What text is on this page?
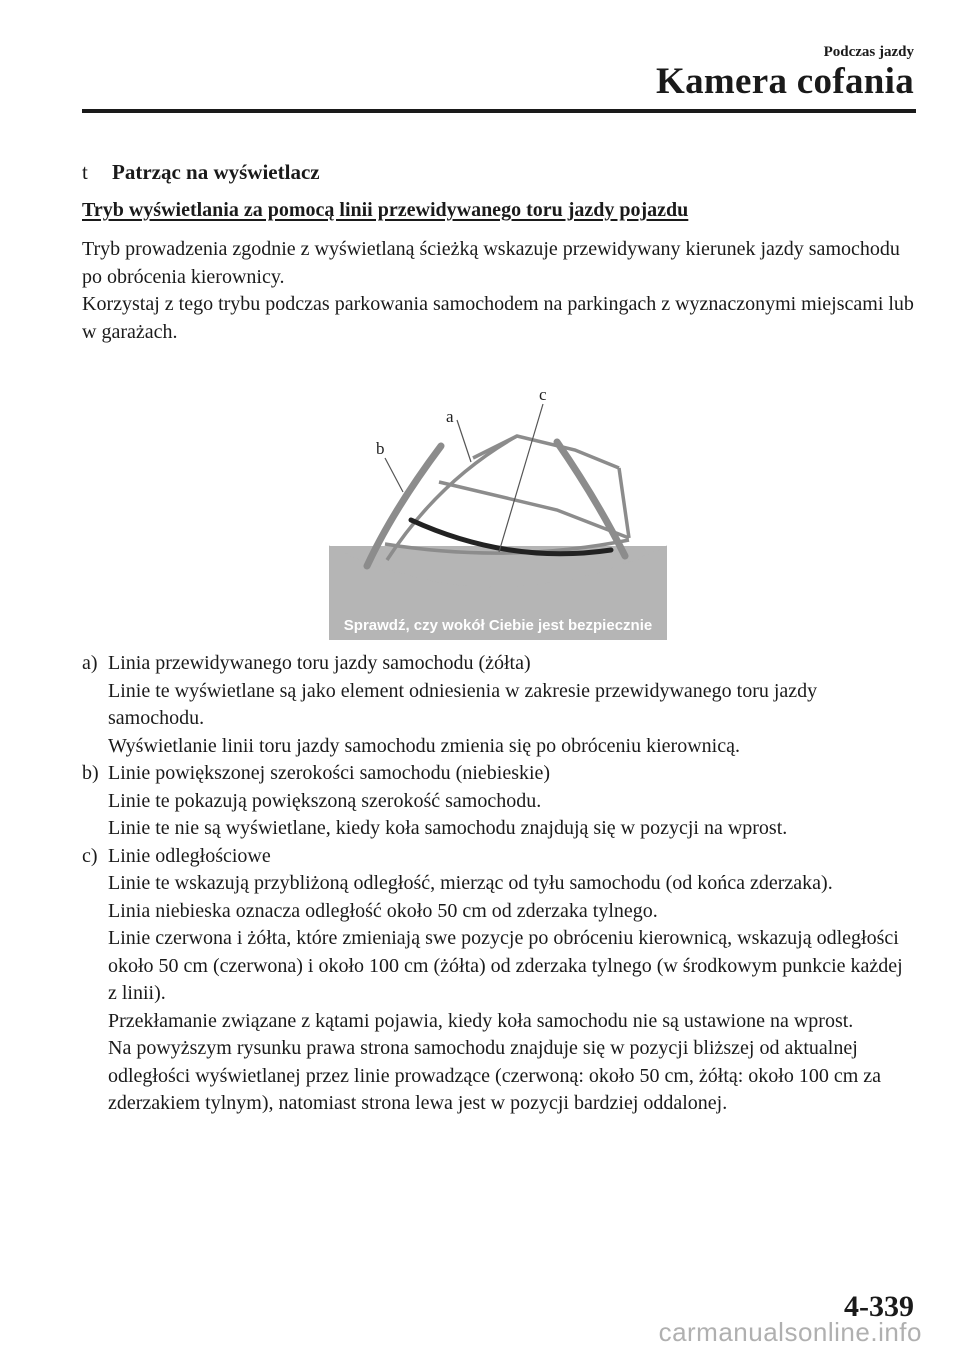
Podczas jazdy
Kamera cofania
t	Patrząc na wyświetlacz
Tryb wyświetlania za pomocą linii przewidywanego toru jazdy pojazdu

Tryb prowadzenia zgodnie z wyświetlaną ścieżką wskazuje przewidywany kierunek jazdy samochodu po obrócenia kierownicy.

Korzystaj z tego trybu podczas parkowania samochodem na parkingach z wyznaczonymi miejscami lub w garażach.

a
b
c
Sprawdź, czy wokół Ciebie jest bezpiecznie
a) Linia przewidywanego toru jazdy samochodu (żółta)

Linie te wyświetlane są jako element odniesienia w zakresie przewidywanego toru jazdy samochodu.

Wyświetlanie linii toru jazdy samochodu zmienia się po obróceniu kierownicą.

b) Linie powiększonej szerokości samochodu (niebieskie)

Linie te pokazują powiększoną szerokość samochodu.

Linie te nie są wyświetlane, kiedy koła samochodu znajdują się w pozycji na wprost.

c) Linie odległościowe

Linie te wskazują przybliżoną odległość, mierząc od tyłu samochodu (od końca zderzaka).

Linia niebieska oznacza odległość około 50 cm od zderzaka tylnego.

Linie czerwona i żółta, które zmieniają swe pozycje po obróceniu kierownicą, wskazują odległości około 50 cm (czerwona) i około 100 cm (żółta) od zderzaka tylnego (w środkowym punkcie każdej z linii).

Przekłamanie związane z kątami pojawia, kiedy koła samochodu nie są ustawione na wprost.

Na powyższym rysunku prawa strona samochodu znajduje się w pozycji bliższej od aktualnej odległości wyświetlanej przez linie prowadzące (czerwoną: około 50 cm, żółtą: około 100 cm za zderzakiem tylnym), natomiast strona lewa jest w pozycji bardziej oddalonej.

4-339
carmanualsonline.info
